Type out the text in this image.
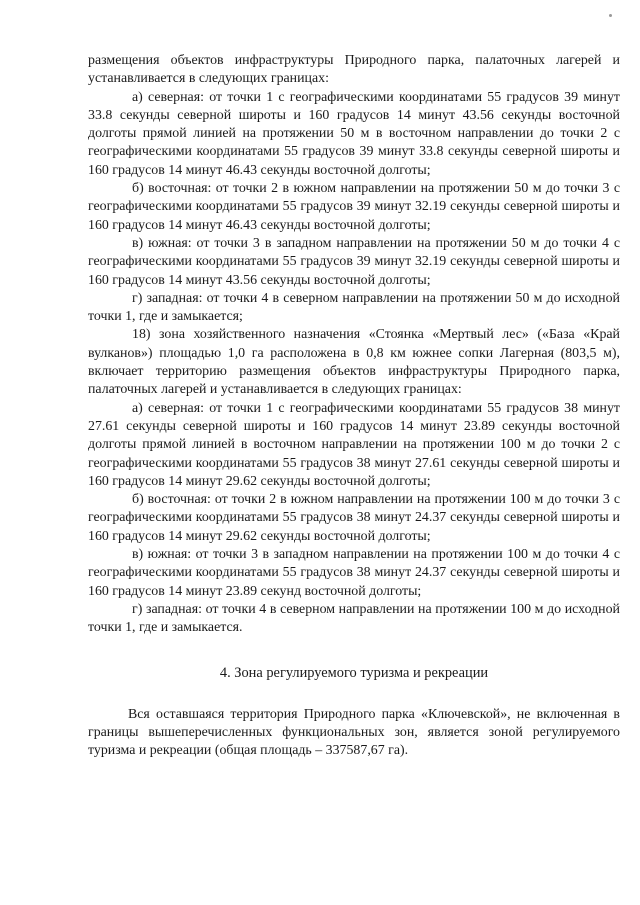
размещения объектов инфраструктуры Природного парка, палаточных лагерей и устанавливается в следующих границах:

а) северная: от точки 1 с географическими координатами 55 градусов 39 минут 33.8 секунды северной широты и 160 градусов 14 минут 43.56 секунды восточной долготы прямой линией на протяжении 50 м в восточном направлении до точки 2 с географическими координатами 55 градусов 39 минут 33.8 секунды северной широты и 160 градусов 14 минут 46.43 секунды восточной долготы;

б) восточная: от точки 2 в южном направлении на протяжении 50 м до точки 3 с географическими координатами 55 градусов 39 минут 32.19 секунды северной широты и 160 градусов 14 минут 46.43 секунды восточной долготы;

в) южная: от точки 3 в западном направлении на протяжении 50 м до точки 4 с географическими координатами 55 градусов 39 минут 32.19 секунды северной широты и 160 градусов 14 минут 43.56 секунды восточной долготы;

г) западная: от точки 4 в северном направлении на протяжении 50 м до исходной точки 1, где и замыкается;

18) зона хозяйственного назначения «Стоянка «Мертвый лес» («База «Край вулканов») площадью 1,0 га расположена в 0,8 км южнее сопки Лагерная (803,5 м), включает территорию размещения объектов инфраструктуры Природного парка, палаточных лагерей и устанавливается в следующих границах:

а) северная: от точки 1 с географическими координатами 55 градусов 38 минут 27.61 секунды северной широты и 160 градусов 14 минут 23.89 секунды восточной долготы прямой линией в восточном направлении на протяжении 100 м до точки 2 с географическими координатами 55 градусов 38 минут 27.61 секунды северной широты и 160 градусов 14 минут 29.62 секунды восточной долготы;

б) восточная: от точки 2 в южном направлении на протяжении 100 м до точки 3 с географическими координатами 55 градусов 38 минут 24.37 секунды северной широты и 160 градусов 14 минут 29.62 секунды восточной долготы;

в) южная: от точки 3 в западном направлении на протяжении 100 м до точки 4 с географическими координатами 55 градусов 38 минут 24.37 секунды северной широты и 160 градусов 14 минут 23.89 секунд восточной долготы;

г) западная: от точки 4 в северном направлении на протяжении 100 м до исходной точки 1, где и замыкается.

4. Зона регулируемого туризма и рекреации

Вся оставшаяся территория Природного парка «Ключевской», не включенная в границы вышеперечисленных функциональных зон, является зоной регулируемого туризма и рекреации (общая площадь – 337587,67 га).
